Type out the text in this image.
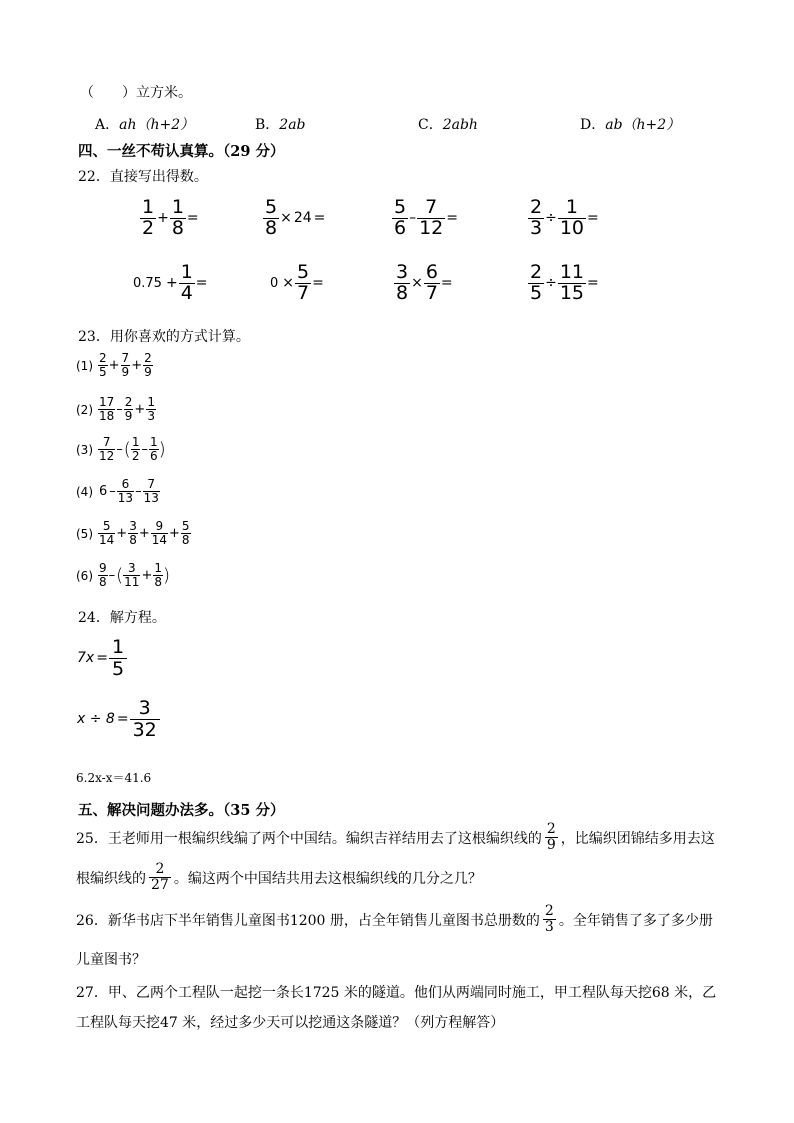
（　　）立方米。
A．ah（h+2）	B．2ab	C．2abh	D．ab（h+2）
四、一丝不苟认真算。（29 分）
22．直接写出得数。
$\frac{1}{2} + \frac{1}{8}$ =	$\frac{5}{8} \times 24$ =	$\frac{5}{6} - \frac{7}{12}$ =	$\frac{2}{3} \div \frac{1}{10}$ =
$0.75 + \frac{1}{4}$ =	$0 \times \frac{5}{7}$ =	$\frac{3}{8} \times \frac{6}{7}$ =	$\frac{2}{5} \div \frac{11}{15}$ =
23．用你喜欢的方式计算。
$(1) \frac{2}{5} + \frac{7}{9} + \frac{2}{9}$
$(2) \frac{17}{18} - \frac{2}{9} + \frac{1}{3}$
$(3) \frac{7}{12}$ –( $\frac{1}{2} - \frac{1}{6}$ )
(4) $6 - \frac{6}{13} - \frac{7}{13}$
$(5) \frac{5}{14} + \frac{3}{8} + \frac{9}{14} + \frac{5}{8}$
$(6) \frac{9}{8}$ –( $\frac{3}{11} + \frac{1}{8}$ )
24．解方程。
$7x = \frac{1}{5}$
$x \div 8 = \frac{3}{32}$
6.2x-x＝41.6
五、解决问题办法多。（35 分）
25．王老师用一根编织线编了两个中国结。编织吉祥结用去了这根编织线的 $\frac{2}{9}$ ，比编织团锦结多用去这
根编织线的 $\frac{2}{27}$ 。编这两个中国结共用去这根编织线的几分之几？
26．新华书店下半年销售儿童图书1200 册，占全年销售儿童图书总册数的 $\frac{2}{3}$ 。全年销售了多了多少册
儿童图书？
27．甲、乙两个工程队一起挖一条长1725 米的隧道。他们从两端同时施工，甲工程队每天挖68 米，乙
工程队每天挖47 米，经过多少天可以挖通这条隧道？（列方程解答）
